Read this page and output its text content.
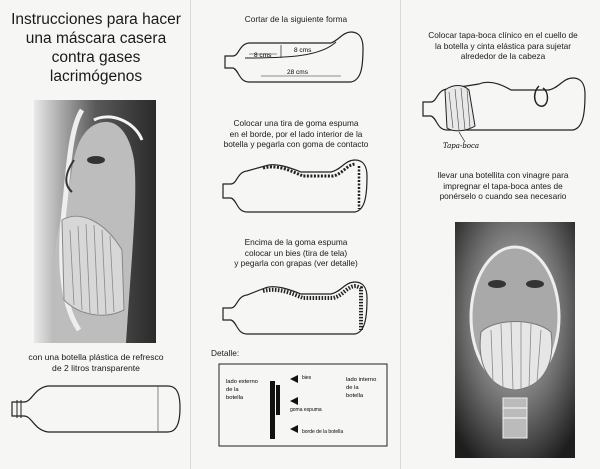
Instrucciones para hacer
una máscara casera
contra gases
lacrimógenos
con una botella plástica de refresco
de 2 litros transparente
Cortar de la siguiente forma
8 cms
8 cms
28 cms
Colocar una tira de goma espuma
en el borde, por el lado interior de la
botella y pegarla con goma de contacto
Encima de la goma espuma
colocar un bies (tira de tela)
y pegarla con grapas (ver detalle)
Detalle:
lado externo
de la
botella
bies
goma espuma
borde de la botella
lado interno
de la
botella
Colocar tapa-boca clínico en el cuello de
la botella y cinta elástica para sujetar
alrededor de la cabeza
Tapa-boca
llevar una botellita con vinagre para
impregnar el tapa-boca antes de
ponérselo o cuando sea necesario
